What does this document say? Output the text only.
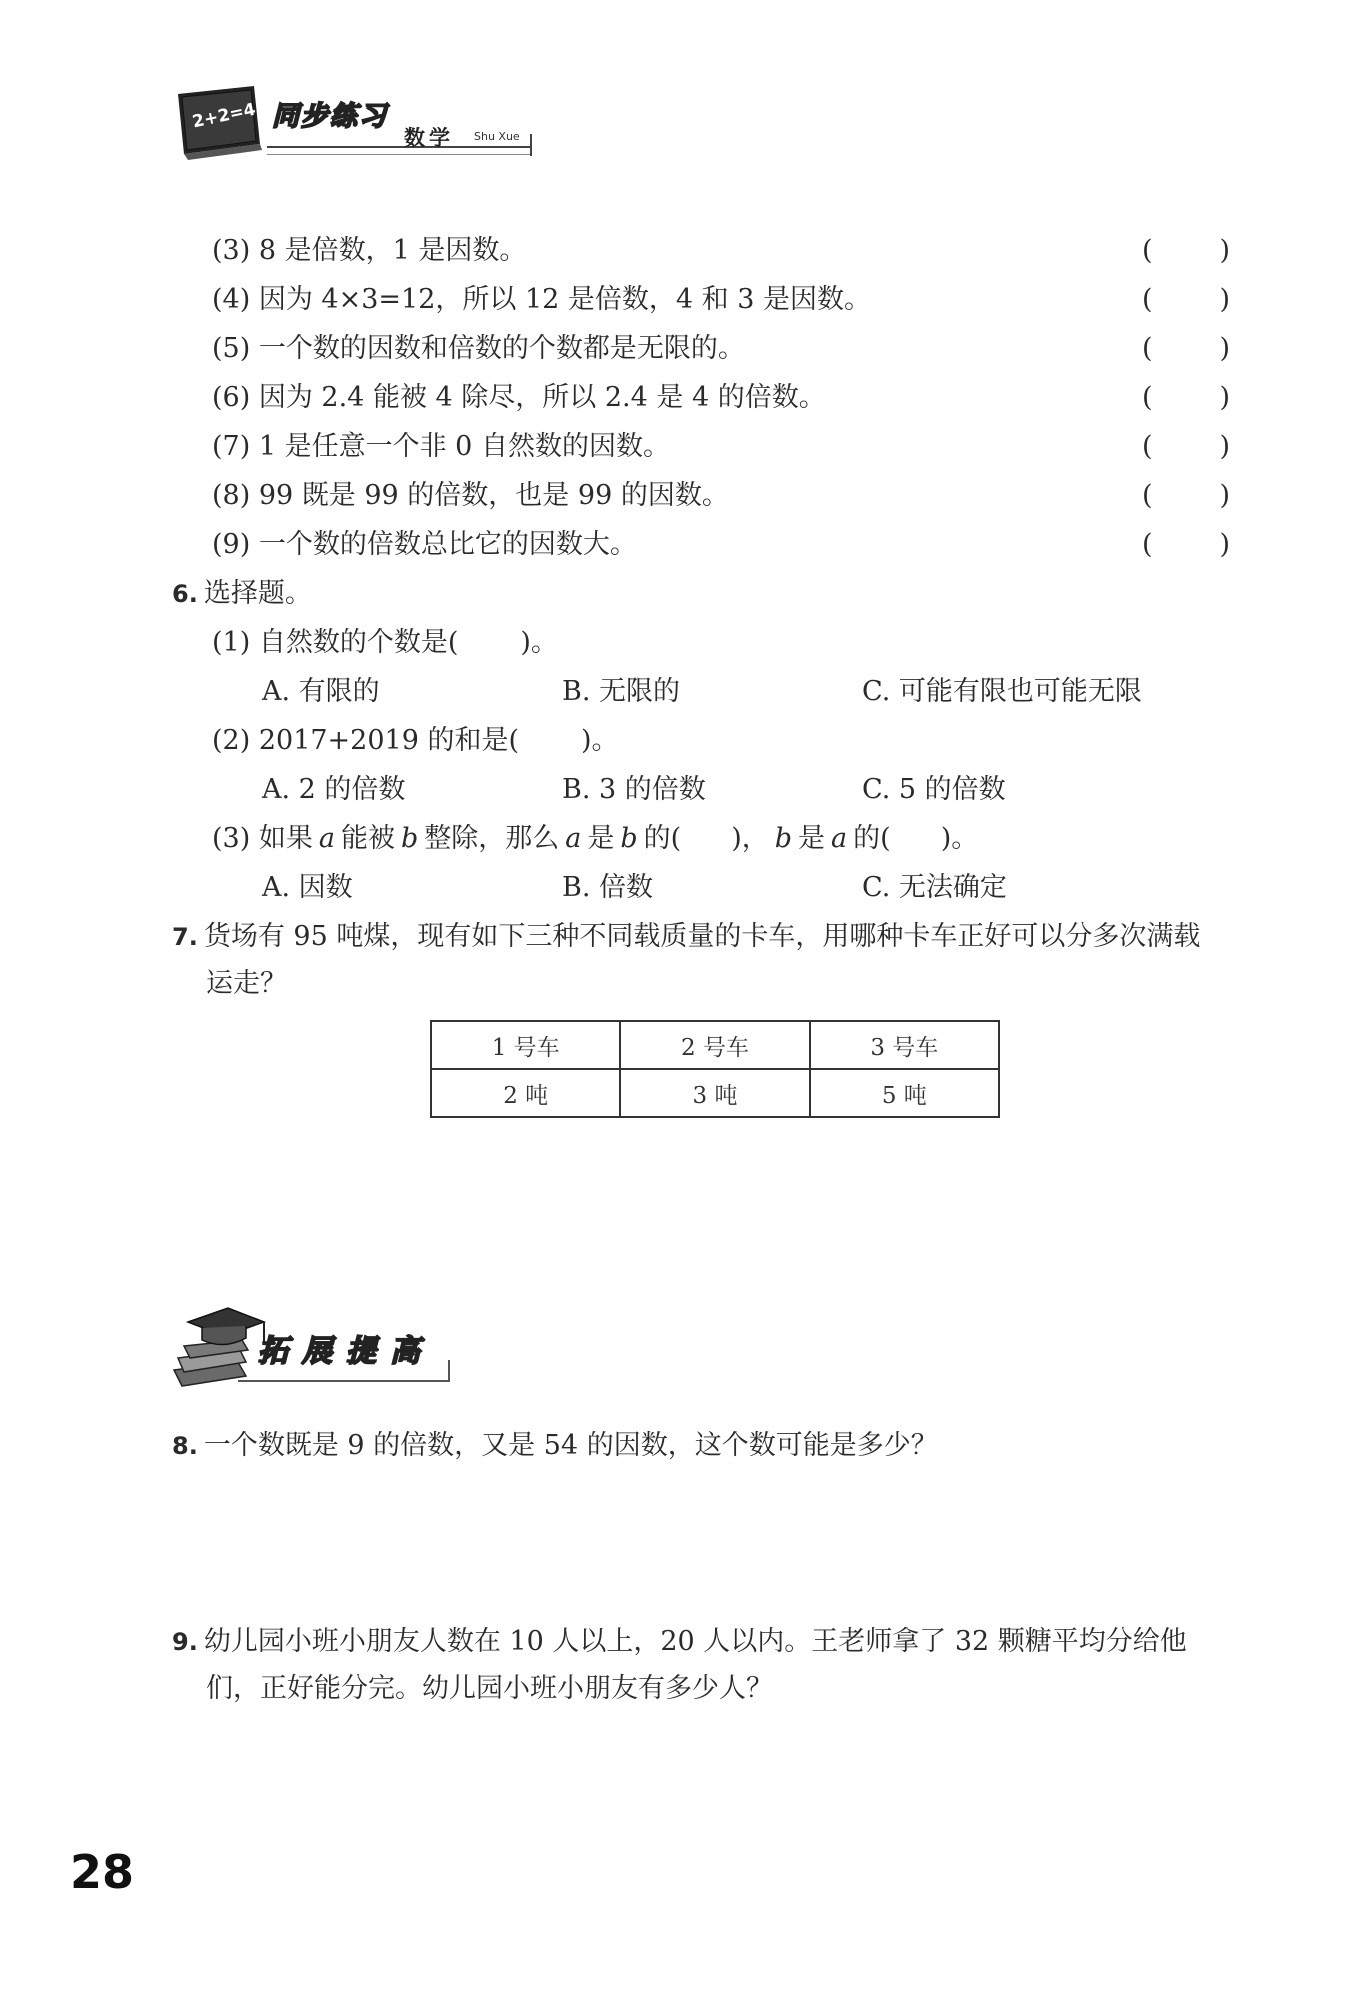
2+2=4 同步练习
数学 Shu Xue
(3) 8 是倍数，1 是因数。	( )
(4) 因为 4×3=12，所以 12 是倍数，4 和 3 是因数。	( )
(5) 一个数的因数和倍数的个数都是无限的。	( )
(6) 因为 2.4 能被 4 除尽，所以 2.4 是 4 的倍数。	( )
(7) 1 是任意一个非 0 自然数的因数。	( )
(8) 99 既是 99 的倍数，也是 99 的因数。	( )
(9) 一个数的倍数总比它的因数大。	( )
6. 选择题。
(1) 自然数的个数是( )。
A. 有限的	B. 无限的	C. 可能有限也可能无限
(2) 2017+2019 的和是( )。
A. 2 的倍数	B. 3 的倍数	C. 5 的倍数
(3) 如果 a 能被 b 整除，那么 a 是 b 的( )， b 是 a 的( )。
A. 因数	B. 倍数	C. 无法确定
7. 货场有 95 吨煤，现有如下三种不同载质量的卡车，用哪种卡车正好可以分多次满载
运走？
1 号车	2 号车	3 号车
2 吨	3 吨	5 吨
拓展提高
8. 一个数既是 9 的倍数，又是 54 的因数，这个数可能是多少？
9. 幼儿园小班小朋友人数在 10 人以上，20 人以内。王老师拿了 32 颗糖平均分给他
们，正好能分完。幼儿园小班小朋友有多少人？
28
